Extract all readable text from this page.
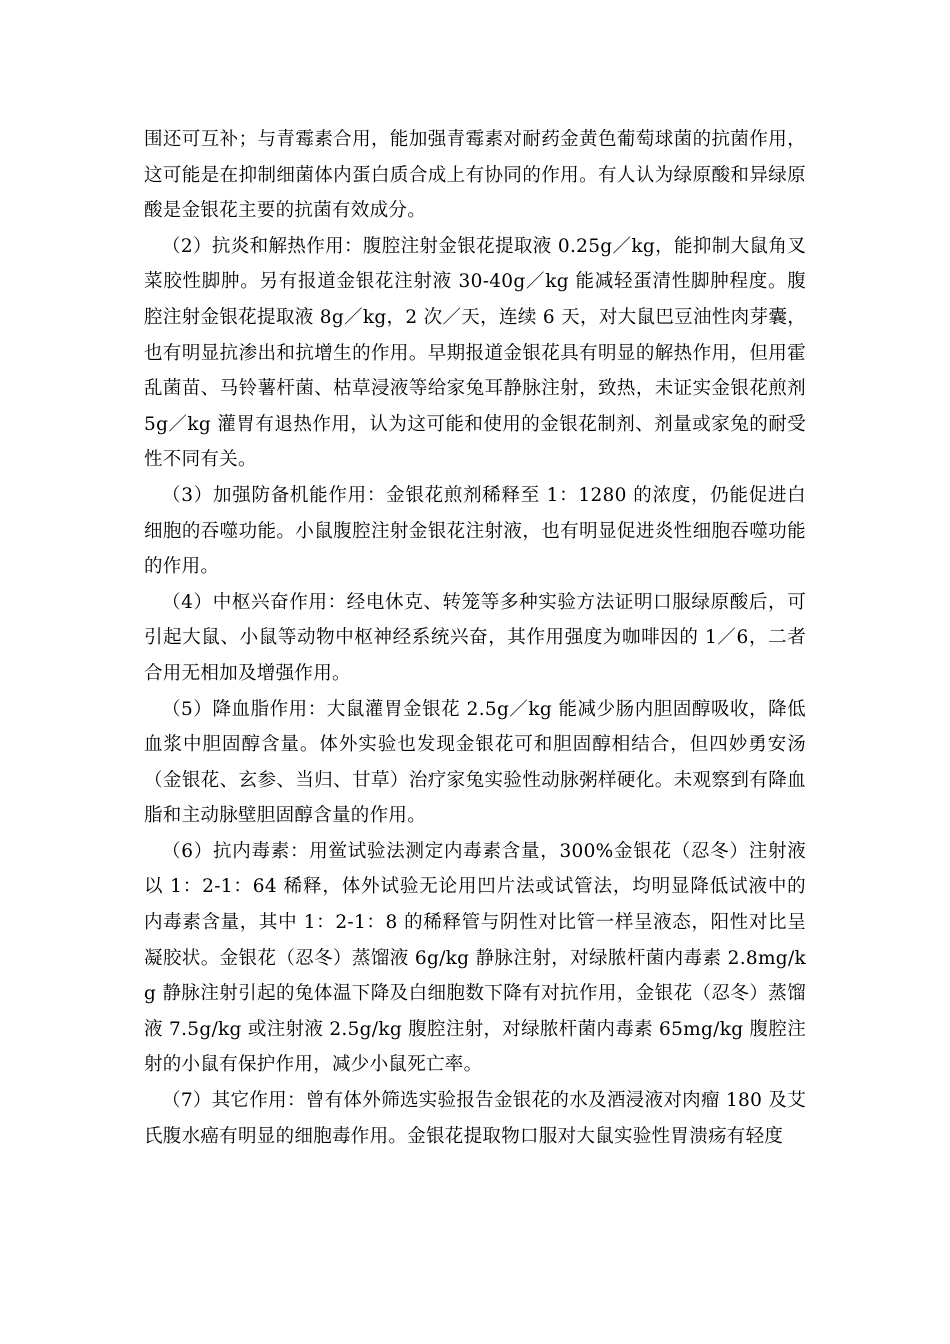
围还可互补；与青霉素合用，能加强青霉素对耐药金黄色葡萄球菌的抗菌作用，这可能是在抑制细菌体内蛋白质合成上有协同的作用。有人认为绿原酸和异绿原酸是金银花主要的抗菌有效成分。

（2）抗炎和解热作用：腹腔注射金银花提取液 0.25g／kg，能抑制大鼠角叉菜胶性脚肿。另有报道金银花注射液 30-40g／kg 能减轻蛋清性脚肿程度。腹腔注射金银花提取液 8g／kg，2 次／天，连续 6 天，对大鼠巴豆油性肉芽囊，也有明显抗渗出和抗增生的作用。早期报道金银花具有明显的解热作用，但用霍乱菌苗、马铃薯杆菌、枯草浸液等给家兔耳静脉注射，致热，未证实金银花煎剂 5g／kg 灌胃有退热作用，认为这可能和使用的金银花制剂、剂量或家兔的耐受性不同有关。

（3）加强防备机能作用：金银花煎剂稀释至 1：1280 的浓度，仍能促进白细胞的吞噬功能。小鼠腹腔注射金银花注射液，也有明显促进炎性细胞吞噬功能的作用。

（4）中枢兴奋作用：经电休克、转笼等多种实验方法证明口服绿原酸后，可引起大鼠、小鼠等动物中枢神经系统兴奋，其作用强度为咖啡因的 1／6，二者合用无相加及增强作用。

（5）降血脂作用：大鼠灌胃金银花 2.5g／kg 能减少肠内胆固醇吸收，降低血浆中胆固醇含量。体外实验也发现金银花可和胆固醇相结合，但四妙勇安汤（金银花、玄参、当归、甘草）治疗家兔实验性动脉粥样硬化。未观察到有降血脂和主动脉壁胆固醇含量的作用。

（6）抗内毒素：用鲎试验法测定内毒素含量，300%金银花（忍冬）注射液以 1：2-1：64 稀释，体外试验无论用凹片法或试管法，均明显降低试液中的内毒素含量，其中 1：2-1：8 的稀释管与阴性对比管一样呈液态，阳性对比呈凝胶状。金银花（忍冬）蒸馏液 6g/kg 静脉注射，对绿脓杆菌内毒素 2.8mg/kg 静脉注射引起的兔体温下降及白细胞数下降有对抗作用，金银花（忍冬）蒸馏液 7.5g/kg 或注射液 2.5g/kg 腹腔注射，对绿脓杆菌内毒素 65mg/kg 腹腔注射的小鼠有保护作用，减少小鼠死亡率。

（7）其它作用：曾有体外筛选实验报告金银花的水及酒浸液对肉瘤 180 及艾氏腹水癌有明显的细胞毒作用。金银花提取物口服对大鼠实验性胃溃疡有轻度
